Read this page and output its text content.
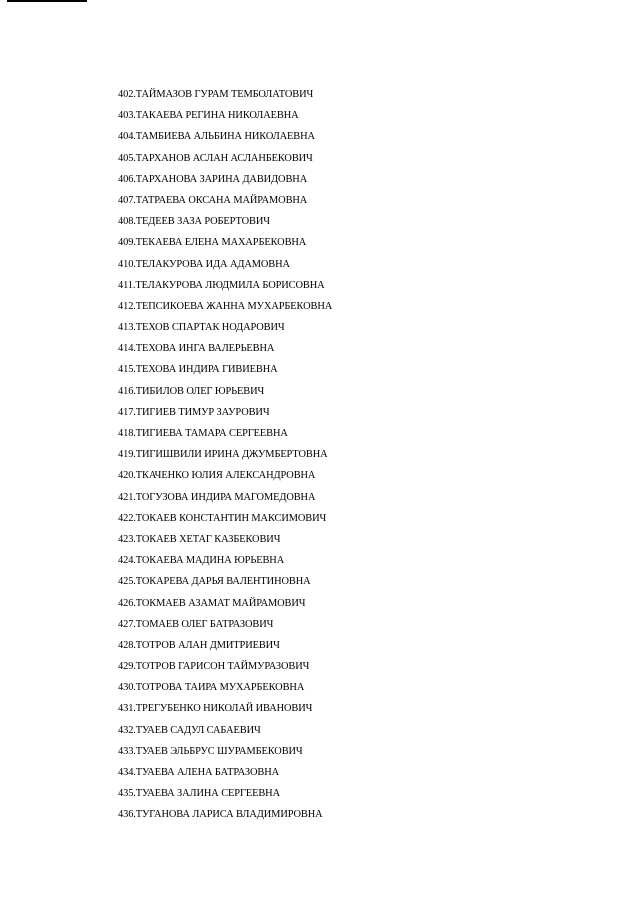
402.ТАЙМАЗОВ ГУРАМ ТЕМБОЛАТОВИЧ
403.ТАКАЕВА РЕГИНА НИКОЛАЕВНА
404.ТАМБИЕВА АЛЬБИНА НИКОЛАЕВНА
405.ТАРХАНОВ АСЛАН АСЛАНБЕКОВИЧ
406.ТАРХАНОВА ЗАРИНА ДАВИДОВНА
407.ТАТРАЕВА ОКСАНА МАЙРАМОВНА
408.ТЕДЕЕВ ЗАЗА РОБЕРТОВИЧ
409.ТЕКАЕВА ЕЛЕНА МАХАРБЕКОВНА
410.ТЕЛАКУРОВА ИДА АДАМОВНА
411.ТЕЛАКУРОВА ЛЮДМИЛА БОРИСОВНА
412.ТЕПСИКОЕВА ЖАННА МУХАРБЕКОВНА
413.ТЕХОВ СПАРТАК НОДАРОВИЧ
414.ТЕХОВА ИНГА ВАЛЕРЬЕВНА
415.ТЕХОВА ИНДИРА ГИВИЕВНА
416.ТИБИЛОВ ОЛЕГ ЮРЬЕВИЧ
417.ТИГИЕВ ТИМУР ЗАУРОВИЧ
418.ТИГИЕВА ТАМАРА СЕРГЕЕВНА
419.ТИГИШВИЛИ ИРИНА ДЖУМБЕРТОВНА
420.ТКАЧЕНКО ЮЛИЯ АЛЕКСАНДРОВНА
421.ТОГУЗОВА ИНДИРА МАГОМЕДОВНА
422.ТОКАЕВ КОНСТАНТИН МАКСИМОВИЧ
423.ТОКАЕВ ХЕТАГ КАЗБЕКОВИЧ
424.ТОКАЕВА МАДИНА ЮРЬЕВНА
425.ТОКАРЕВА ДАРЬЯ ВАЛЕНТИНОВНА
426.ТОКМАЕВ АЗАМАТ МАЙРАМОВИЧ
427.ТОМАЕВ ОЛЕГ БАТРАЗОВИЧ
428.ТОТРОВ АЛАН ДМИТРИЕВИЧ
429.ТОТРОВ ГАРИСОН ТАЙМУРАЗОВИЧ
430.ТОТРОВА ТАИРА МУХАРБЕКОВНА
431.ТРЕГУБЕНКО НИКОЛАЙ ИВАНОВИЧ
432.ТУАЕВ САДУЛ САБАЕВИЧ
433.ТУАЕВ ЭЛЬБРУС ШУРАМБЕКОВИЧ
434.ТУАЕВА АЛЕНА БАТРАЗОВНА
435.ТУАЕВА ЗАЛИНА СЕРГЕЕВНА
436.ТУГАНОВА ЛАРИСА ВЛАДИМИРОВНА
